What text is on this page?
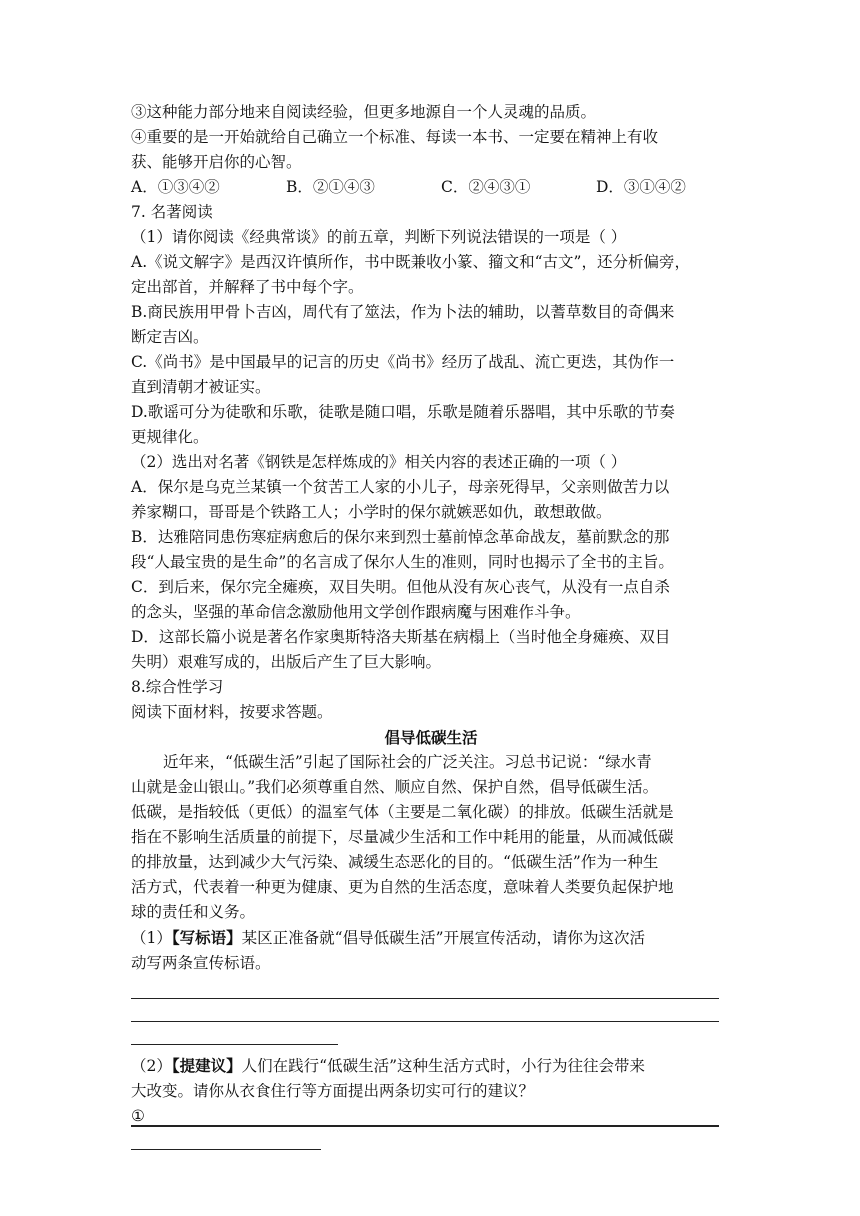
③这种能力部分地来自阅读经验，但更多地源自一个人灵魂的品质。
④重要的是一开始就给自己确立一个标准、每读一本书、一定要在精神上有收
获、能够开启你的心智。
A．①③④②	B．②①④③	C．②④③①	D．③①④②
7. 名著阅读
（1）请你阅读《经典常谈》的前五章，判断下列说法错误的一项是（ ）
A.《说文解字》是西汉许慎所作，书中既兼收小篆、籀文和“古文”，还分析偏旁，
定出部首，并解释了书中每个字。
B.商民族用甲骨卜吉凶，周代有了筮法，作为卜法的辅助，以蓍草数目的奇偶来
断定吉凶。
C.《尚书》是中国最早的记言的历史《尚书》经历了战乱、流亡更迭，其伪作一
直到清朝才被证实。
D.歌谣可分为徒歌和乐歌，徒歌是随口唱，乐歌是随着乐器唱，其中乐歌的节奏
更规律化。
（2）选出对名著《钢铁是怎样炼成的》相关内容的表述正确的一项（ ）
A．保尔是乌克兰某镇一个贫苦工人家的小儿子，母亲死得早，父亲则做苦力以
养家糊口，哥哥是个铁路工人；小学时的保尔就嫉恶如仇，敢想敢做。
B．达雅陪同患伤寒症病愈后的保尔来到烈士墓前悼念革命战友，墓前默念的那
段“人最宝贵的是生命”的名言成了保尔人生的准则，同时也揭示了全书的主旨。
C．到后来，保尔完全瘫痪，双目失明。但他从没有灰心丧气，从没有一点自杀
的念头，坚强的革命信念激励他用文学创作跟病魔与困难作斗争。
D．这部长篇小说是著名作家奥斯特洛夫斯基在病榻上（当时他全身瘫痪、双目
失明）艰难写成的，出版后产生了巨大影响。
8.综合性学习
阅读下面材料，按要求答题。
倡导低碳生活
近年来，“低碳生活”引起了国际社会的广泛关注。习总书记说：“绿水青
山就是金山银山。”我们必须尊重自然、顺应自然、保护自然，倡导低碳生活。
低碳，是指较低（更低）的温室气体（主要是二氧化碳）的排放。低碳生活就是
指在不影响生活质量的前提下，尽量减少生活和工作中耗用的能量，从而减低碳
的排放量，达到减少大气污染、减缓生态恶化的目的。“低碳生活”作为一种生
活方式，代表着一种更为健康、更为自然的生活态度，意味着人类要负起保护地
球的责任和义务。
（1）【写标语】某区正准备就“倡导低碳生活”开展宣传活动，请你为这次活
动写两条宣传标语。
（2）【提建议】人们在践行“低碳生活”这种生活方式时，小行为往往会带来
大改变。请你从衣食住行等方面提出两条切实可行的建议？
①
